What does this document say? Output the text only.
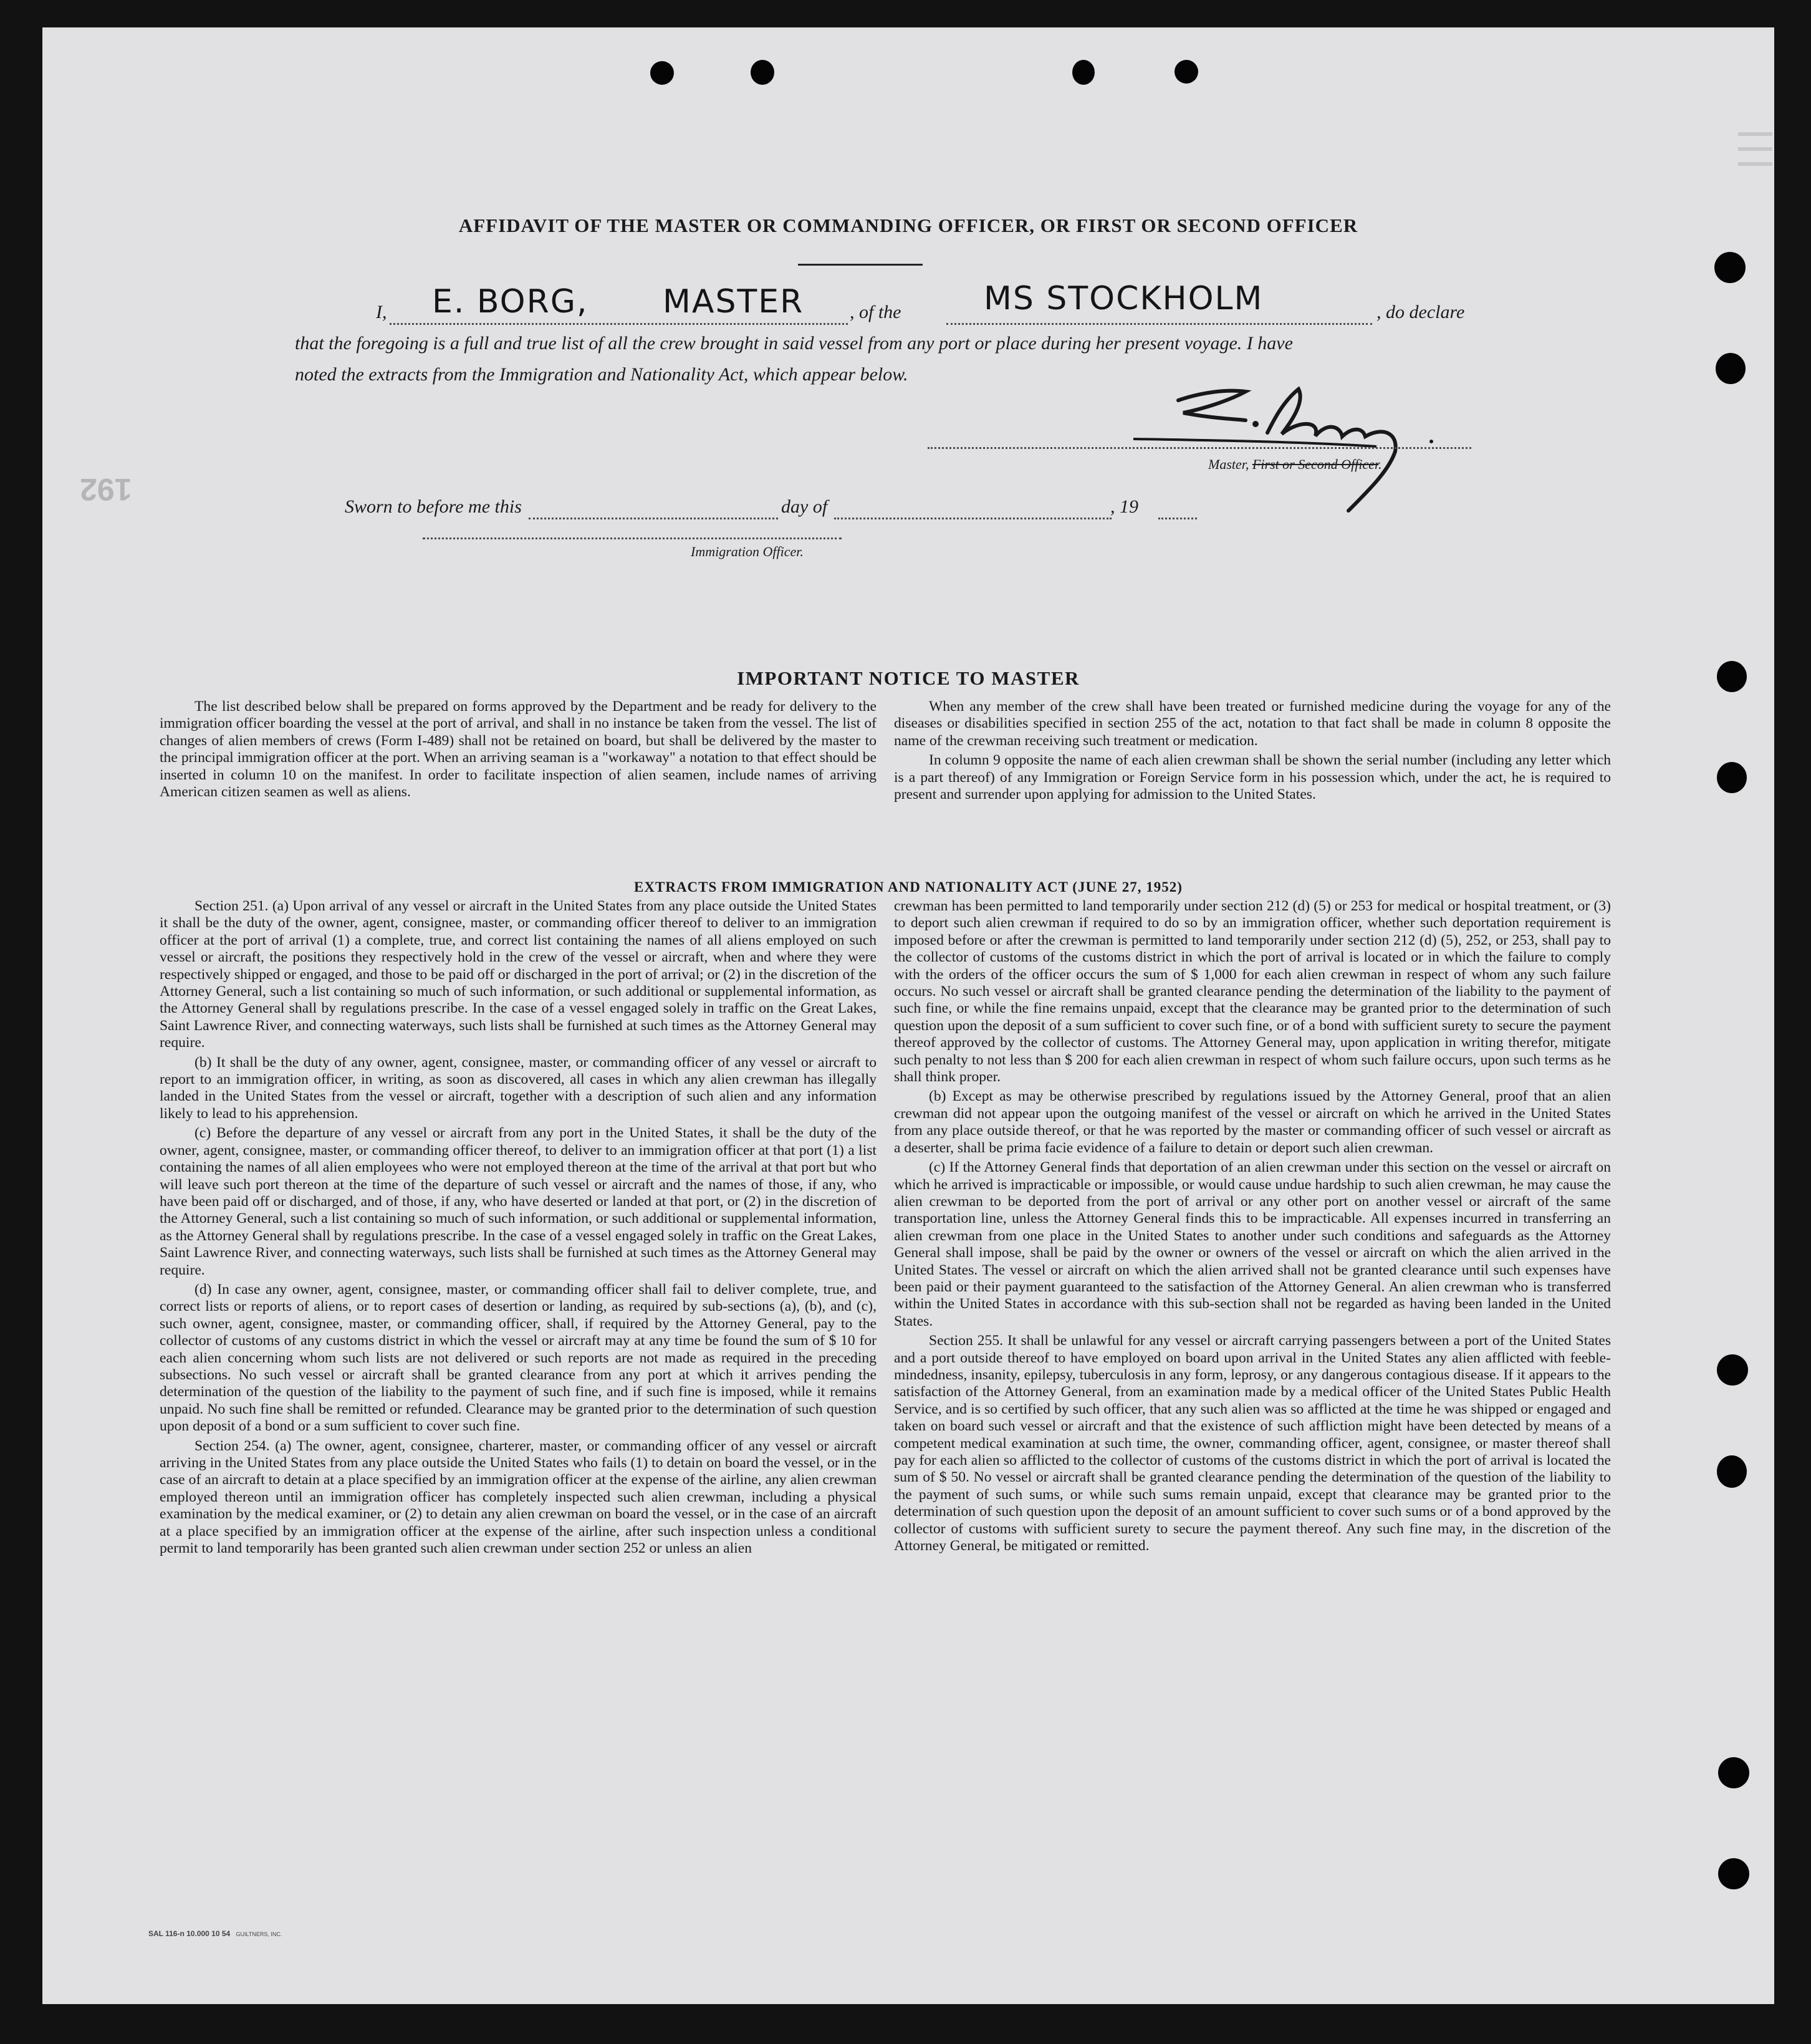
192
AFFIDAVIT OF THE MASTER OR COMMANDING OFFICER, OR FIRST OR SECOND OFFICER
I,	, of the	, do declare
E. BORG, MASTER	MS STOCKHOLM
that the foregoing is a full and true list of all the crew brought in said vessel from any port or place during her present voyage. I have
noted the extracts from the Immigration and Nationality Act, which appear below.
Master, First or Second Officer.
Sworn to before me this	day of	, 19
Immigration Officer.
IMPORTANT NOTICE TO MASTER

The list described below shall be prepared on forms approved by the Department and be ready for delivery to the immigration officer boarding the vessel at the port of arrival, and shall in no instance be taken from the vessel. The list of changes of alien members of crews (Form I-489) shall not be retained on board, but shall be delivered by the master to the principal immigration officer at the port. When an arriving seaman is a "workaway" a notation to that effect should be inserted in column 10 on the manifest. In order to facilitate inspection of alien seamen, include names of arriving American citizen seamen as well as aliens.

When any member of the crew shall have been treated or furnished medicine during the voyage for any of the diseases or disabilities specified in section 255 of the act, notation to that fact shall be made in column 8 opposite the name of the crewman receiving such treatment or medication.

In column 9 opposite the name of each alien crewman shall be shown the serial number (including any letter which is a part thereof) of any Immigration or Foreign Service form in his possession which, under the act, he is required to present and surrender upon applying for admission to the United States.

EXTRACTS FROM IMMIGRATION AND NATIONALITY ACT (JUNE 27, 1952)

Section 251. (a) Upon arrival of any vessel or aircraft in the United States from any place outside the United States it shall be the duty of the owner, agent, consignee, master, or commanding officer thereof to deliver to an immigration officer at the port of arrival (1) a complete, true, and correct list containing the names of all aliens employed on such vessel or aircraft, the positions they respectively hold in the crew of the vessel or aircraft, when and where they were respectively shipped or engaged, and those to be paid off or discharged in the port of arrival; or (2) in the discretion of the Attorney General, such a list containing so much of such information, or such additional or supplemental information, as the Attorney General shall by regulations prescribe. In the case of a vessel engaged solely in traffic on the Great Lakes, Saint Lawrence River, and connecting waterways, such lists shall be furnished at such times as the Attorney General may require.

(b) It shall be the duty of any owner, agent, consignee, master, or commanding officer of any vessel or aircraft to report to an immigration officer, in writing, as soon as discovered, all cases in which any alien crewman has illegally landed in the United States from the vessel or aircraft, together with a description of such alien and any information likely to lead to his apprehension.

(c) Before the departure of any vessel or aircraft from any port in the United States, it shall be the duty of the owner, agent, consignee, master, or commanding officer thereof, to deliver to an immigration officer at that port (1) a list containing the names of all alien employees who were not employed thereon at the time of the arrival at that port but who will leave such port thereon at the time of the departure of such vessel or aircraft and the names of those, if any, who have been paid off or discharged, and of those, if any, who have deserted or landed at that port, or (2) in the discretion of the Attorney General, such a list containing so much of such information, or such additional or supplemental information, as the Attorney General shall by regulations prescribe. In the case of a vessel engaged solely in traffic on the Great Lakes, Saint Lawrence River, and connecting waterways, such lists shall be furnished at such times as the Attorney General may require.

(d) In case any owner, agent, consignee, master, or commanding officer shall fail to deliver complete, true, and correct lists or reports of aliens, or to report cases of desertion or landing, as required by sub-sections (a), (b), and (c), such owner, agent, consignee, master, or commanding officer, shall, if required by the Attorney General, pay to the collector of customs of any customs district in which the vessel or aircraft may at any time be found the sum of $ 10 for each alien concerning whom such lists are not delivered or such reports are not made as required in the preceding subsections. No such vessel or aircraft shall be granted clearance from any port at which it arrives pending the determination of the question of the liability to the payment of such fine, and if such fine is imposed, while it remains unpaid. No such fine shall be remitted or refunded. Clearance may be granted prior to the determination of such question upon deposit of a bond or a sum sufficient to cover such fine.

Section 254. (a) The owner, agent, consignee, charterer, master, or commanding officer of any vessel or aircraft arriving in the United States from any place outside the United States who fails (1) to detain on board the vessel, or in the case of an aircraft to detain at a place specified by an immigration officer at the expense of the airline, any alien crewman employed thereon until an immigration officer has completely inspected such alien crewman, including a physical examination by the medical examiner, or (2) to detain any alien crewman on board the vessel, or in the case of an aircraft at a place specified by an immigration officer at the expense of the airline, after such inspection unless a conditional permit to land temporarily has been granted such alien crewman under section 252 or unless an alien

crewman has been permitted to land temporarily under section 212 (d) (5) or 253 for medical or hospital treatment, or (3) to deport such alien crewman if required to do so by an immigration officer, whether such deportation requirement is imposed before or after the crewman is permitted to land temporarily under section 212 (d) (5), 252, or 253, shall pay to the collector of customs of the customs district in which the port of arrival is located or in which the failure to comply with the orders of the officer occurs the sum of $ 1,000 for each alien crewman in respect of whom any such failure occurs. No such vessel or aircraft shall be granted clearance pending the determination of the liability to the payment of such fine, or while the fine remains unpaid, except that the clearance may be granted prior to the determination of such question upon the deposit of a sum sufficient to cover such fine, or of a bond with sufficient surety to secure the payment thereof approved by the collector of customs. The Attorney General may, upon application in writing therefor, mitigate such penalty to not less than $ 200 for each alien crewman in respect of whom such failure occurs, upon such terms as he shall think proper.

(b) Except as may be otherwise prescribed by regulations issued by the Attorney General, proof that an alien crewman did not appear upon the outgoing manifest of the vessel or aircraft on which he arrived in the United States from any place outside thereof, or that he was reported by the master or commanding officer of such vessel or aircraft as a deserter, shall be prima facie evidence of a failure to detain or deport such alien crewman.

(c) If the Attorney General finds that deportation of an alien crewman under this section on the vessel or aircraft on which he arrived is impracticable or impossible, or would cause undue hardship to such alien crewman, he may cause the alien crewman to be deported from the port of arrival or any other port on another vessel or aircraft of the same transportation line, unless the Attorney General finds this to be impracticable. All expenses incurred in transferring an alien crewman from one place in the United States to another under such conditions and safeguards as the Attorney General shall impose, shall be paid by the owner or owners of the vessel or aircraft on which the alien arrived in the United States. The vessel or aircraft on which the alien arrived shall not be granted clearance until such expenses have been paid or their payment guaranteed to the satisfaction of the Attorney General. An alien crewman who is transferred within the United States in accordance with this sub-section shall not be regarded as having been landed in the United States.

Section 255. It shall be unlawful for any vessel or aircraft carrying passengers between a port of the United States and a port outside thereof to have employed on board upon arrival in the United States any alien afflicted with feeble-mindedness, insanity, epilepsy, tuberculosis in any form, leprosy, or any dangerous contagious disease. If it appears to the satisfaction of the Attorney General, from an examination made by a medical officer of the United States Public Health Service, and is so certified by such officer, that any such alien was so afflicted at the time he was shipped or engaged and taken on board such vessel or aircraft and that the existence of such affliction might have been detected by means of a competent medical examination at such time, the owner, commanding officer, agent, consignee, or master thereof shall pay for each alien so afflicted to the collector of customs of the customs district in which the port of arrival is located the sum of $ 50. No vessel or aircraft shall be granted clearance pending the determination of the question of the liability to the payment of such sums, or while such sums remain unpaid, except that clearance may be granted prior to the determination of such question upon the deposit of an amount sufficient to cover such sums or of a bond approved by the collector of customs with sufficient surety to secure the payment thereof. Any such fine may, in the discretion of the Attorney General, be mitigated or remitted.

SAL 116-n 10.000 10 54 GUILTNERS, INC.
